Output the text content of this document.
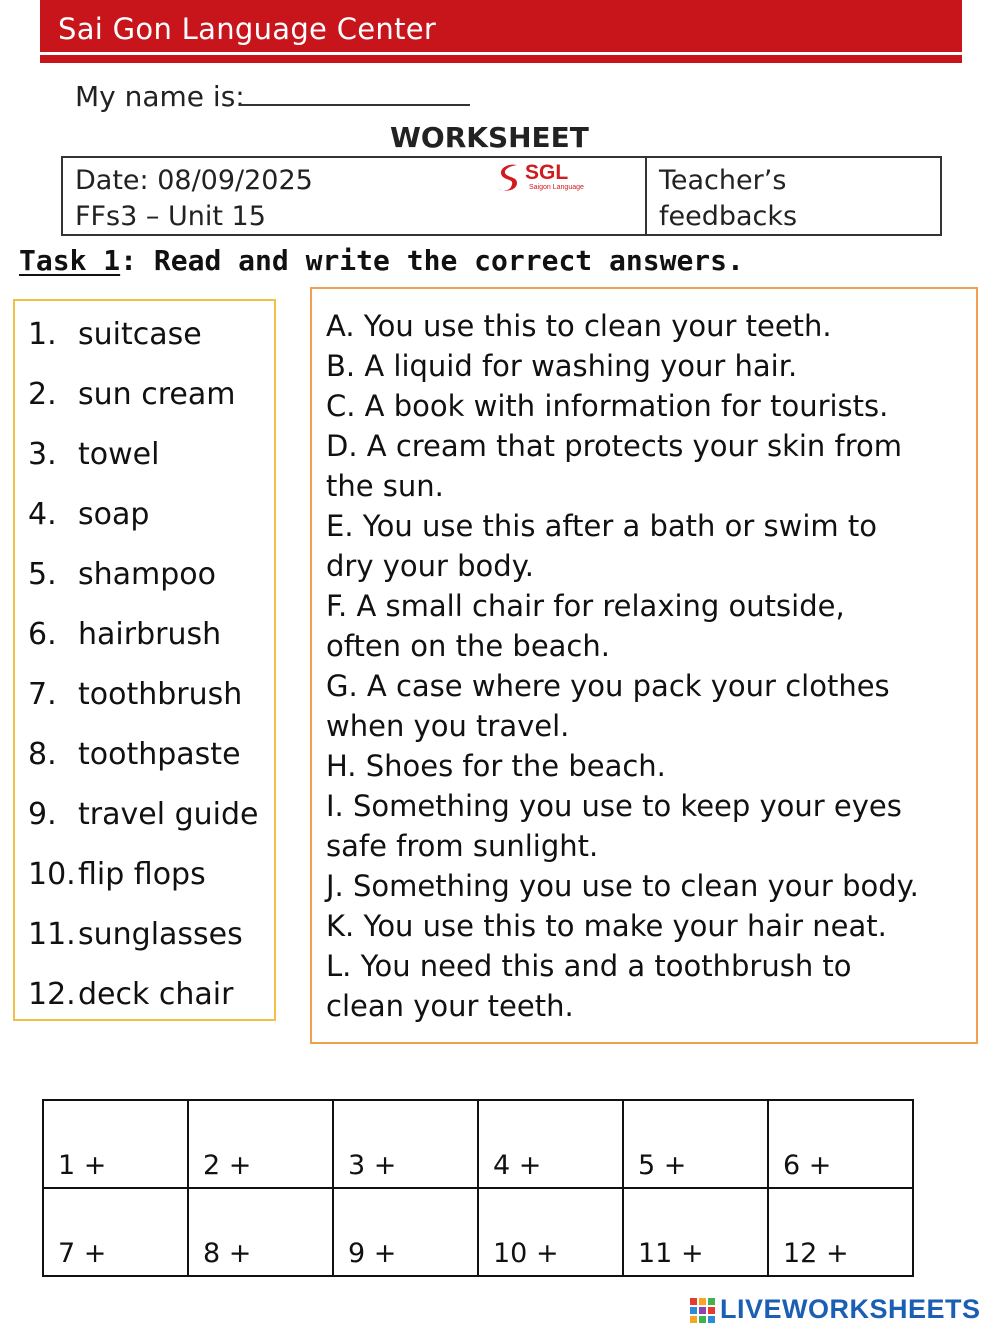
Sai Gon Language Center
My name is:
WORKSHEET
Date: 08/09/2025
FFs3 – Unit 15
Teacher’s
feedbacks
SGL
Saigon Language
Task 1: Read and write the correct answers.
1. suitcase
2. sun cream
3. towel
4. soap
5. shampoo
6. hairbrush
7. toothbrush
8. toothpaste
9. travel guide
10.flip flops
11.sunglasses
12.deck chair
A. You use this to clean your teeth.
B. A liquid for washing your hair.
C. A book with information for tourists.
D. A cream that protects your skin from
the sun.
E. You use this after a bath or swim to
dry your body.
F. A small chair for relaxing outside,
often on the beach.
G. A case where you pack your clothes
when you travel.
H. Shoes for the beach.
I. Something you use to keep your eyes
safe from sunlight.
J. Something you use to clean your body.
K. You use this to make your hair neat.
L. You need this and a toothbrush to
clean your teeth.
1 +	2 +	3 +	4 +	5 +	6 +
7 +	8 +	9 +	10 +	11 +	12 +
LIVEWORKSHEETS
